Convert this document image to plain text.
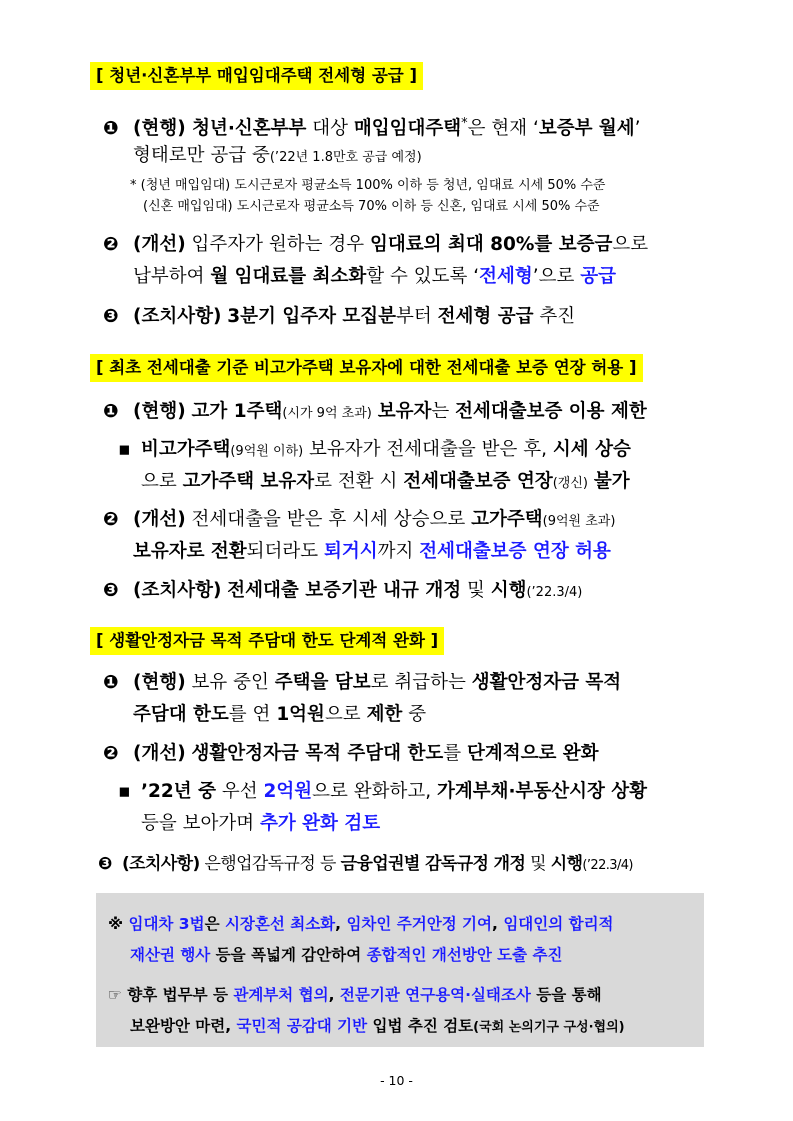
[ 청년·신혼부부 매입임대주택 전세형 공급 ]
❶ (현행) 청년·신혼부부 대상 매입임대주택*은 현재 ‘보증부 월세’
형태로만 공급 중(’22년 1.8만호 공급 예정)
* (청년 매입임대) 도시근로자 평균소득 100% 이하 등 청년, 임대료 시세 50% 수준
(신혼 매입임대) 도시근로자 평균소득 70% 이하 등 신혼, 임대료 시세 50% 수준
❷ (개선) 입주자가 원하는 경우 임대료의 최대 80%를 보증금으로
납부하여 월 임대료를 최소화할 수 있도록 ‘전세형’으로 공급
❸ (조치사항) 3분기 입주자 모집분부터 전세형 공급 추진
[ 최초 전세대출 기준 비고가주택 보유자에 대한 전세대출 보증 연장 허용 ]
❶ (현행) 고가 1주택(시가 9억 초과) 보유자는 전세대출보증 이용 제한
▪ 비고가주택(9억원 이하) 보유자가 전세대출을 받은 후, 시세 상승
으로 고가주택 보유자로 전환 시 전세대출보증 연장(갱신) 불가
❷ (개선) 전세대출을 받은 후 시세 상승으로 고가주택(9억원 초과)
보유자로 전환되더라도 퇴거시까지 전세대출보증 연장 허용
❸ (조치사항) 전세대출 보증기관 내규 개정 및 시행(’22.3/4)
[ 생활안정자금 목적 주담대 한도 단계적 완화 ]
❶ (현행) 보유 중인 주택을 담보로 취급하는 생활안정자금 목적
주담대 한도를 연 1억원으로 제한 중
❷ (개선) 생활안정자금 목적 주담대 한도를 단계적으로 완화
▪ ’22년 중 우선 2억원으로 완화하고, 가계부채·부동산시장 상황
등을 보아가며 추가 완화 검토
❸ (조치사항) 은행업감독규정 등 금융업권별 감독규정 개정 및 시행(’22.3/4)
※ 임대차 3법은 시장혼선 최소화, 임차인 주거안정 기여, 임대인의 합리적
재산권 행사 등을 폭넓게 감안하여 종합적인 개선방안 도출 추진
☞ 향후 법무부 등 관계부처 협의, 전문기관 연구용역·실태조사 등을 통해
보완방안 마련, 국민적 공감대 기반 입법 추진 검토(국회 논의기구 구성·협의)
- 10 -
